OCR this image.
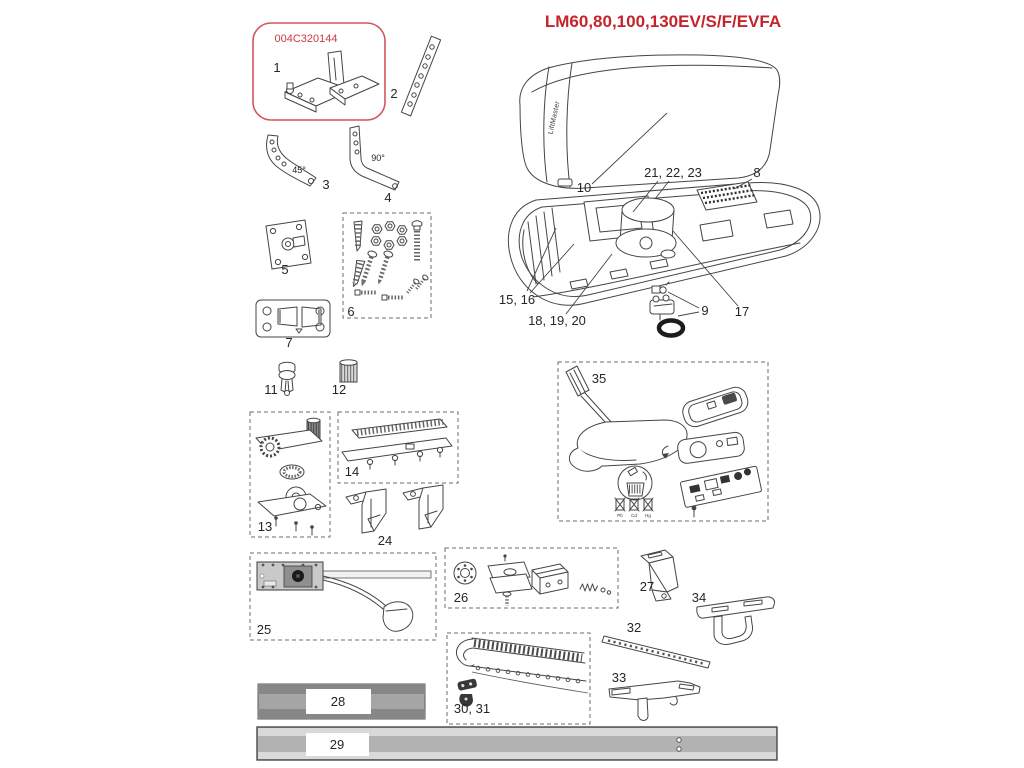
LM60,80,100,130EV/S/F/EVFA
004C320144
1
2
45°
3
90°
4
5
6
7
LiftMaster
10
15, 16
18, 19, 20
21, 22, 23	8
17
9
11	12
13
14
24
25
26
27
34
32
33
30, 31
28
29
35
Pb Cd Hg
